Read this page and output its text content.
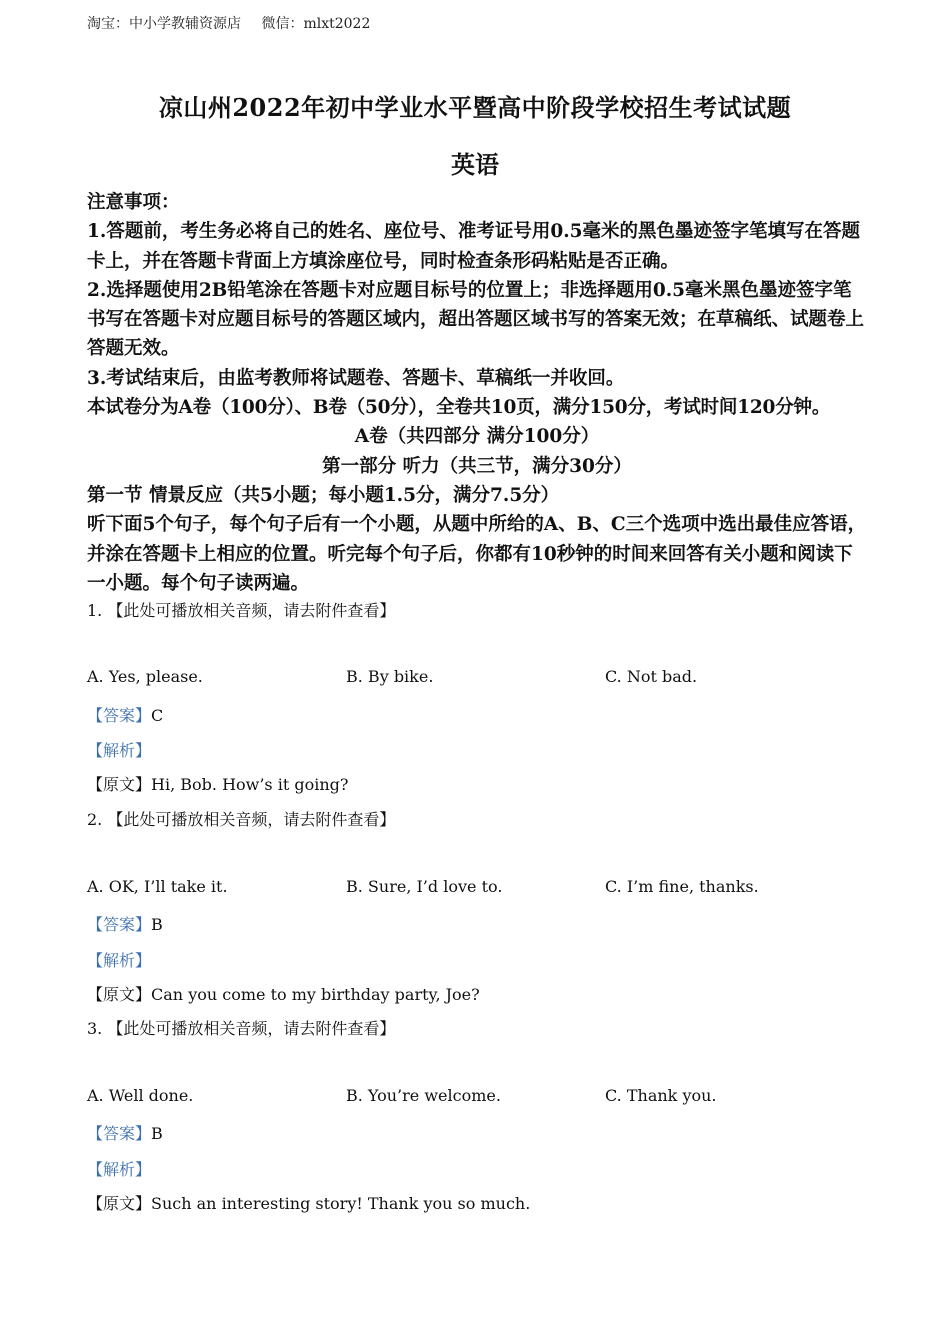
淘宝：中小学教辅资源店 微信：mlxt2022
凉山州2022年初中学业水平暨高中阶段学校招生考试试题
英语

注意事项：

1.答题前，考生务必将自己的姓名、座位号、准考证号用0.5毫米的黑色墨迹签字笔填写在答题卡上，并在答题卡背面上方填涂座位号，同时检查条形码粘贴是否正确。

2.选择题使用2B铅笔涂在答题卡对应题目标号的位置上；非选择题用0.5毫米黑色墨迹签字笔书写在答题卡对应题目标号的答题区域内，超出答题区域书写的答案无效；在草稿纸、试题卷上答题无效。

3.考试结束后，由监考教师将试题卷、答题卡、草稿纸一并收回。

本试卷分为A卷（100分）、B卷（50分），全卷共10页，满分150分，考试时间120分钟。

A卷（共四部分 满分100分）

第一部分 听力（共三节，满分30分）

第一节 情景反应（共5小题；每小题1.5分，满分7.5分）

听下面5个句子，每个句子后有一个小题，从题中所给的A、B、C三个选项中选出最佳应答语，并涂在答题卡上相应的位置。听完每个句子后，你都有10秒钟的时间来回答有关小题和阅读下一小题。每个句子读两遍。

1. 【此处可播放相关音频，请去附件查看】
A. Yes, please.	B. By bike.	C. Not bad.
【答案】C
【解析】
【原文】Hi, Bob. How’s it going?
2. 【此处可播放相关音频，请去附件查看】
A. OK, I’ll take it.	B. Sure, I’d love to.	C. I’m fine, thanks.
【答案】B
【解析】
【原文】Can you come to my birthday party, Joe?
3. 【此处可播放相关音频，请去附件查看】
A. Well done.	B. You’re welcome.	C. Thank you.
【答案】B
【解析】
【原文】Such an interesting story! Thank you so much.
